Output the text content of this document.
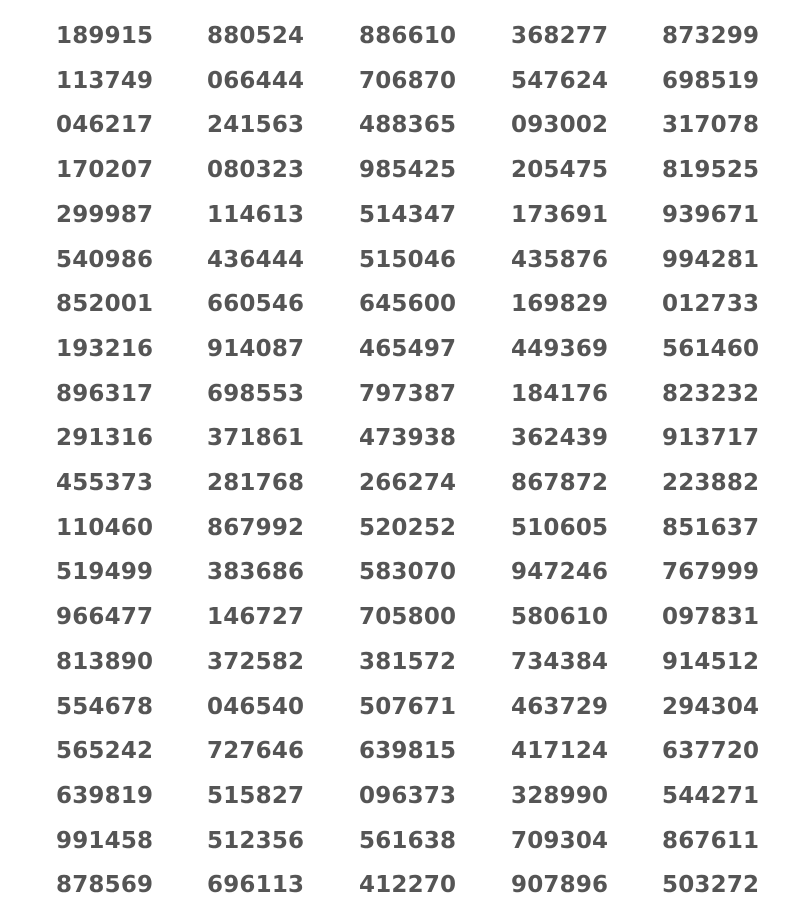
189915 880524 886610 368277 873299
113749 066444 706870 547624 698519
046217 241563 488365 093002 317078
170207 080323 985425 205475 819525
299987 114613 514347 173691 939671
540986 436444 515046 435876 994281
852001 660546 645600 169829 012733
193216 914087 465497 449369 561460
896317 698553 797387 184176 823232
291316 371861 473938 362439 913717
455373 281768 266274 867872 223882
110460 867992 520252 510605 851637
519499 383686 583070 947246 767999
966477 146727 705800 580610 097831
813890 372582 381572 734384 914512
554678 046540 507671 463729 294304
565242 727646 639815 417124 637720
639819 515827 096373 328990 544271
991458 512356 561638 709304 867611
878569 696113 412270 907896 503272
